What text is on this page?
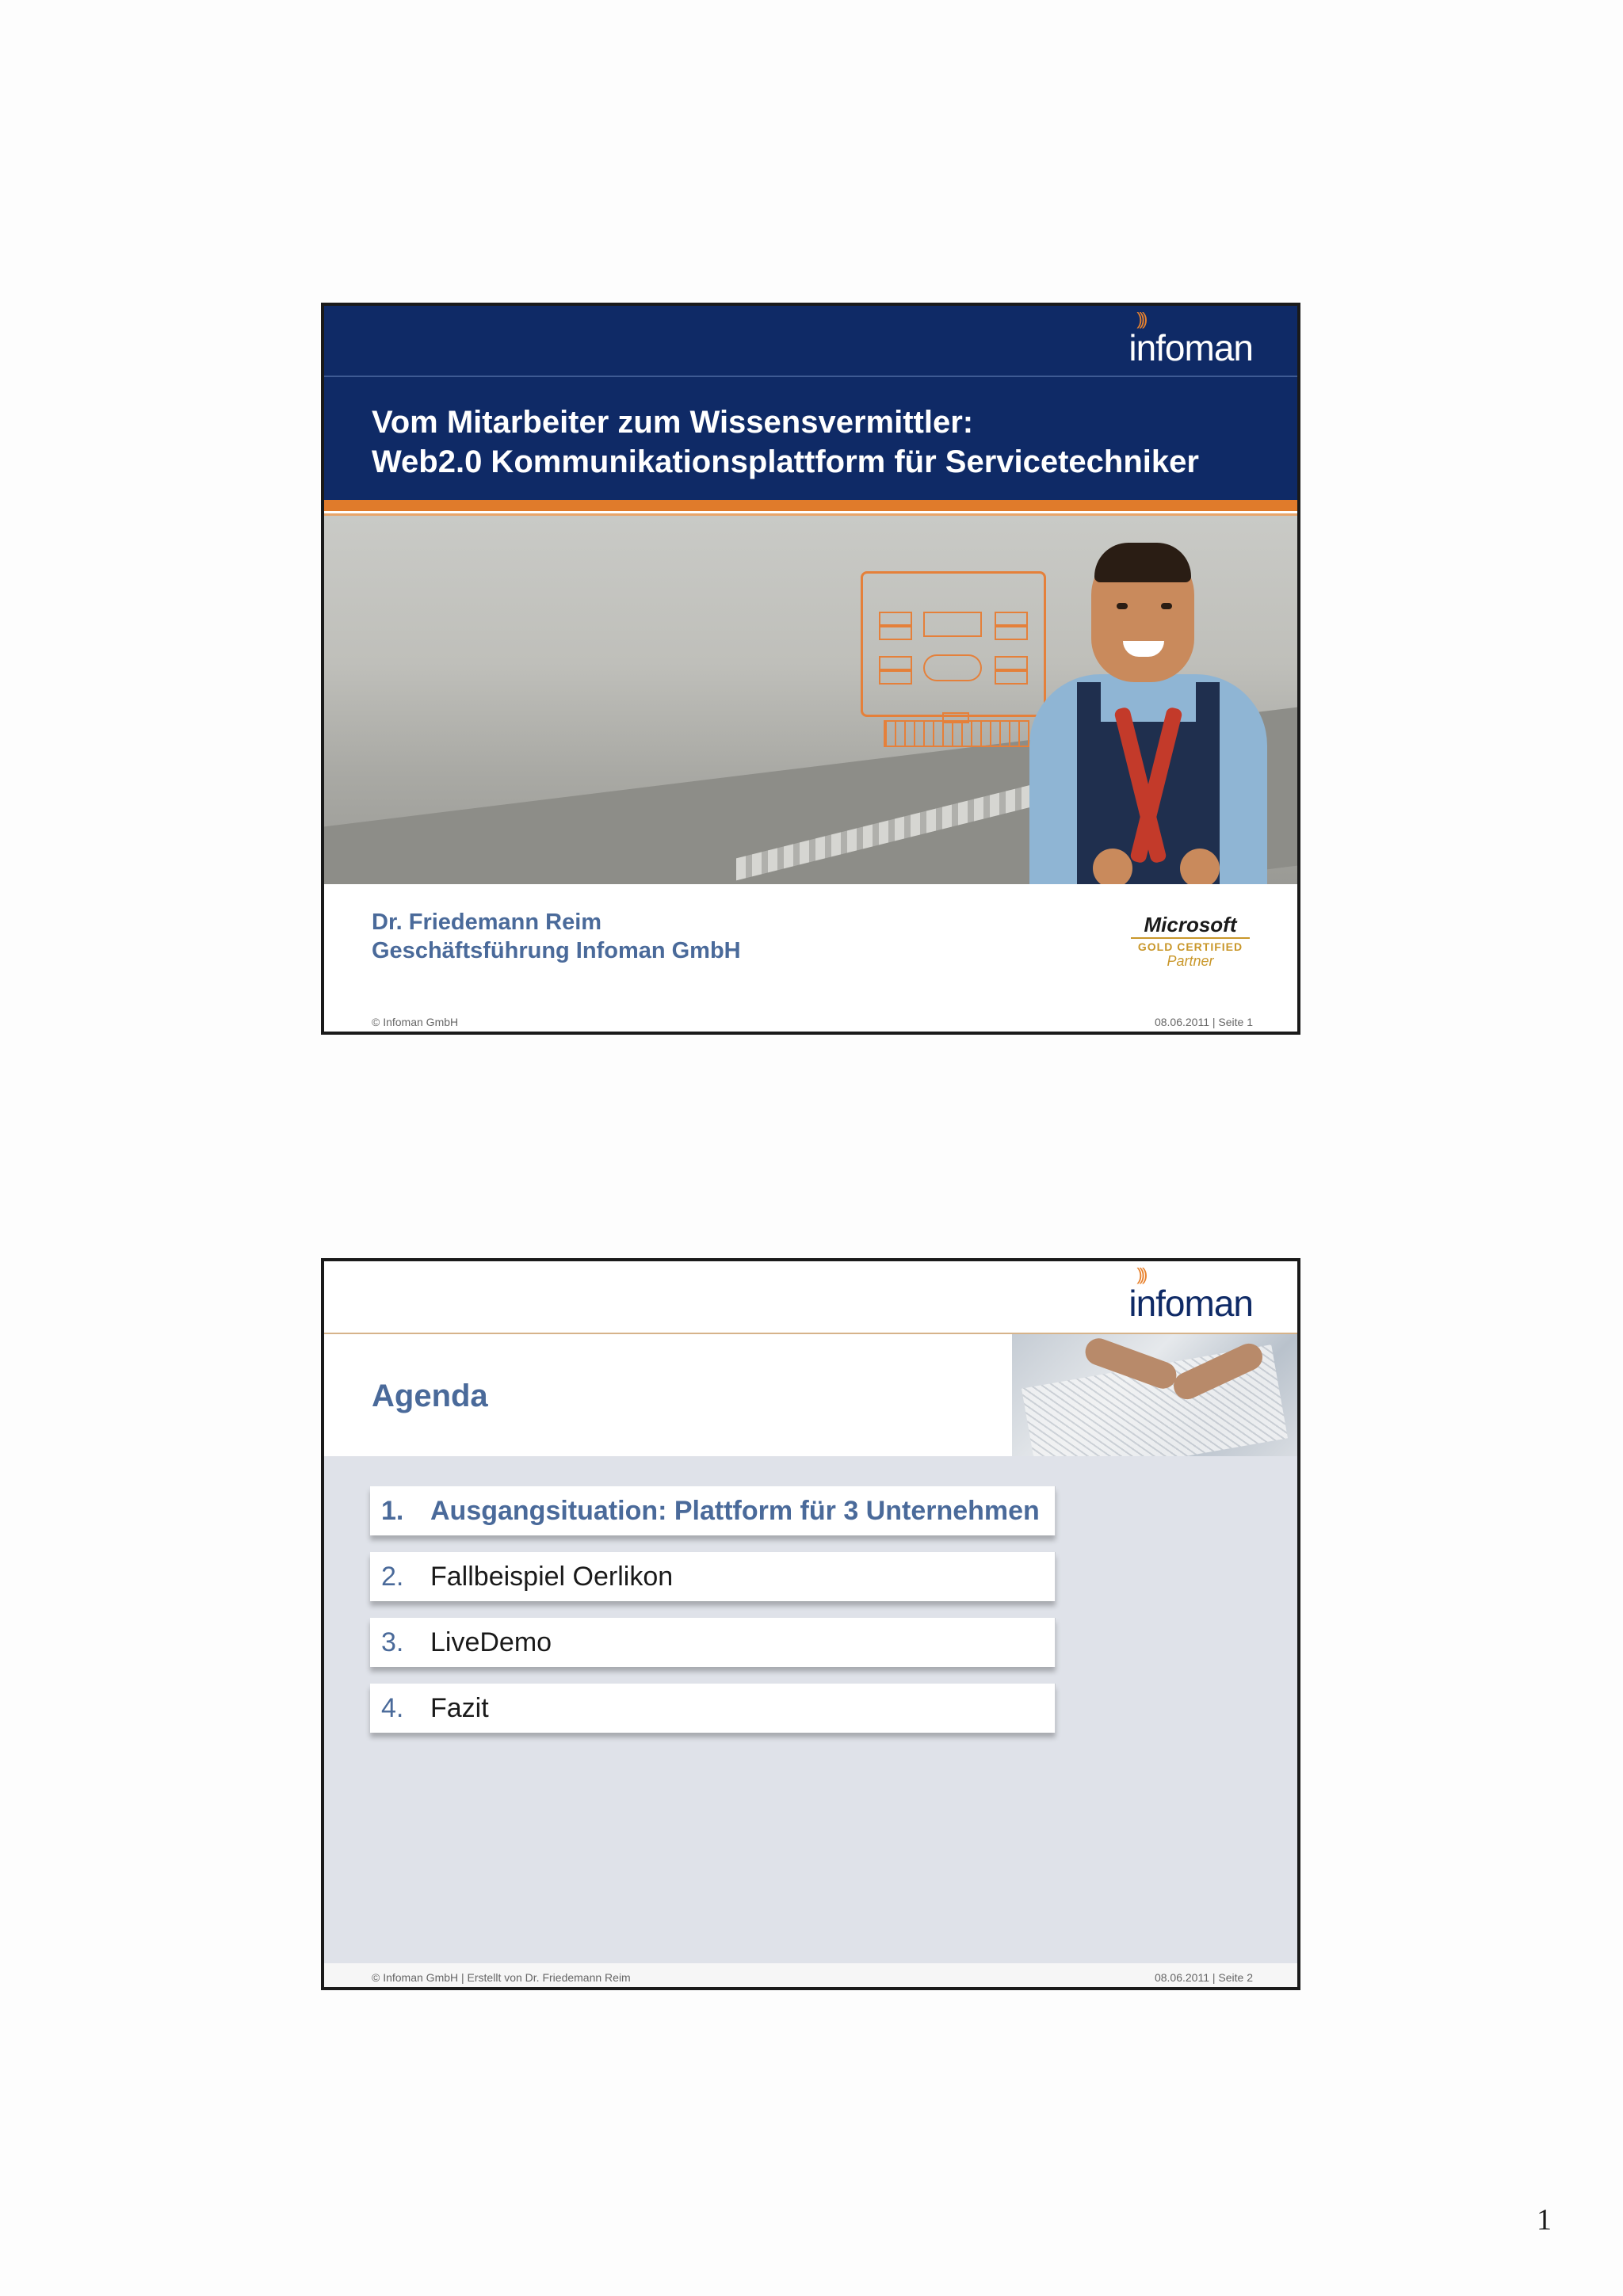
)))
infoman
Vom Mitarbeiter zum Wissensvermittler:
Web2.0 Kommunikationsplattform für Servicetechniker
Dr. Friedemann Reim
Geschäftsführung Infoman GmbH
Microsoft
GOLD CERTIFIED
Partner
© Infoman GmbH	08.06.2011 | Seite 1
)))
infoman
Agenda
1. Ausgangsituation: Plattform für 3 Unternehmen
2. Fallbeispiel Oerlikon
3. LiveDemo
4. Fazit
© Infoman GmbH | Erstellt von Dr. Friedemann Reim	08.06.2011 | Seite 2
1
